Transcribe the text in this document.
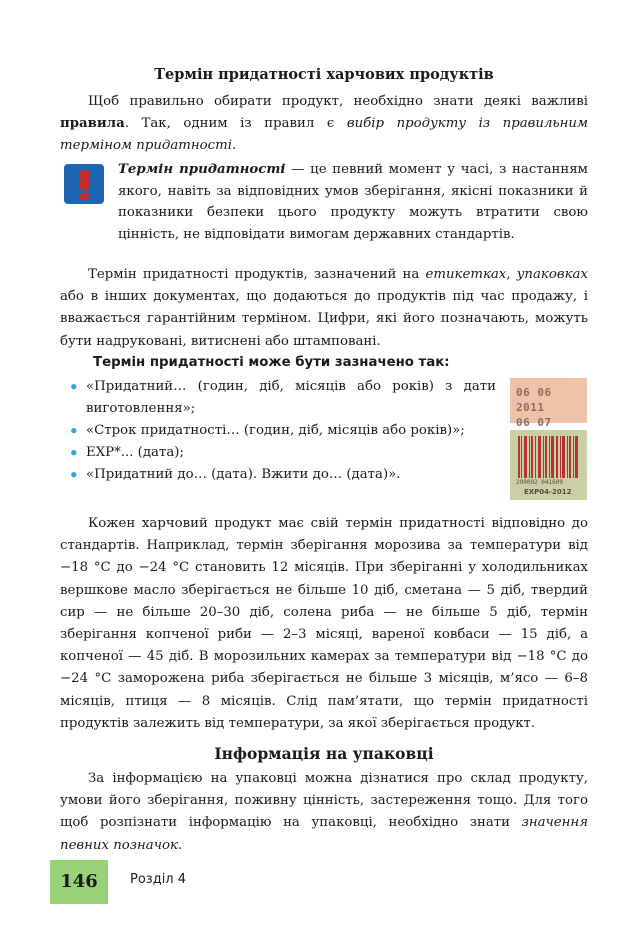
Термін придатності харчових продуктів
Щоб правильно обирати продукт, необхідно знати деякі важливі правила. Так, одним із правил є вибір продукту із правильним терміном придатності.
Термін придатності — це певний момент у часі, з настанням якого, навіть за відповідних умов зберігання, якісні показники й показники безпеки цього продукту можуть втратити свою цінність, не відповідати вимогам державних стандартів.
Термін придатності продуктів, зазначений на етикетках, упаковках або в інших документах, що додаються до продуктів під час продажу, і вважається гарантійним терміном. Цифри, які його позначають, можуть бути надруковані, витиснені або штамповані.
Термін придатності може бути зазначено так:
• «Придатний… (годин, діб, місяців або років) з дати виготовлення»;
• «Строк придатності… (годин, діб, місяців або років)»;
• EXP*... (дата);
• «Придатний до… (дата). Вжити до… (дата)».
06 06 2011
06 07
290002 041609
EXP04-2012
Кожен харчовий продукт має свій термін придатності відповідно до стандартів. Наприклад, термін зберігання морозива за температури від −18 °С до −24 °С становить 12 місяців. При зберіганні у холодильниках вершкове масло зберігається не більше 10 діб, сметана — 5 діб, твердий сир — не більше 20–30 діб, солена риба — не більше 5 діб, термін зберігання копченої риби — 2–3 місяці, вареної ковбаси — 15 діб, а копченої — 45 діб. В морозильних камерах за температури від −18 °С до −24 °С заморожена риба зберігається не більше 3 місяців, м’ясо — 6–8 місяців, птиця — 8 місяців. Слід пам’ятати, що термін придатності продуктів залежить від температури, за якої зберігається продукт.
Інформація на упаковці
За інформацією на упаковці можна дізнатися про склад продукту, умови його зберігання, поживну цінність, застереження тощо. Для того щоб розпізнати інформацію на упаковці, необхідно знати значення певних позначок.
146	Розділ 4
